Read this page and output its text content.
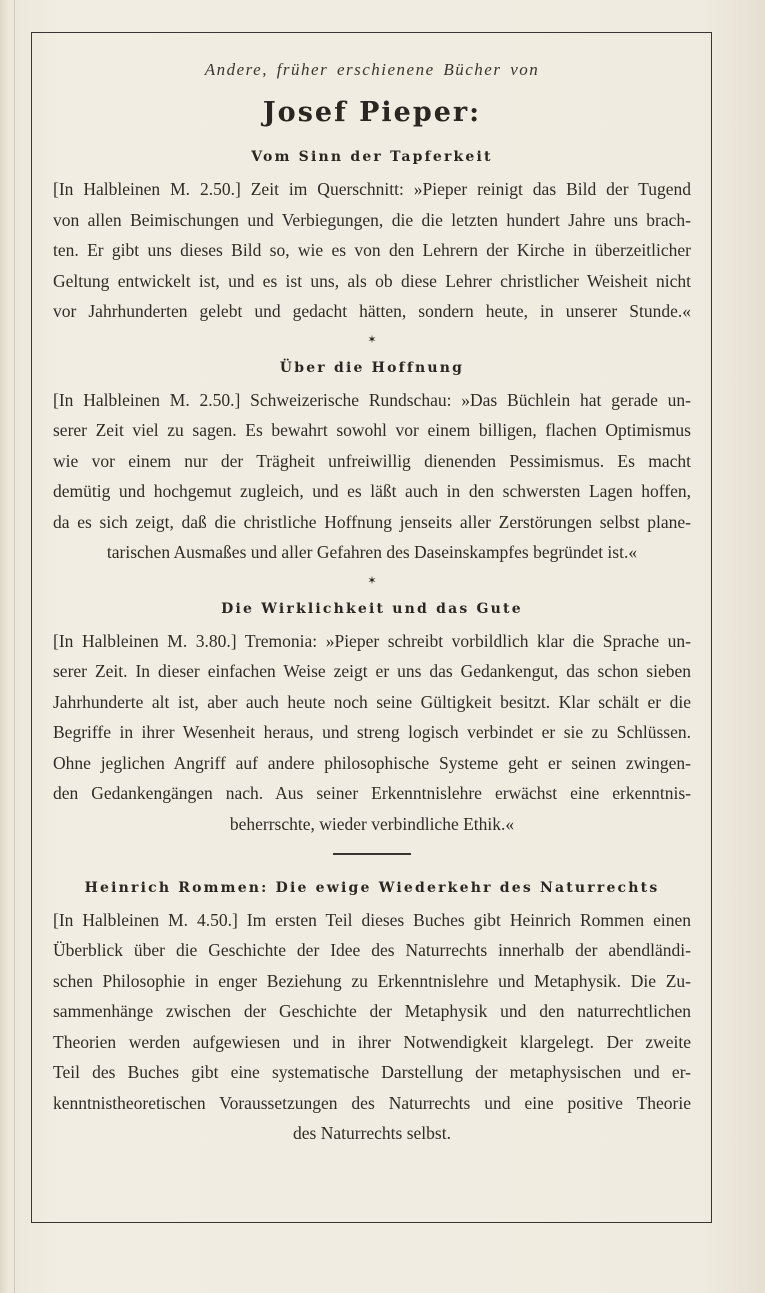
Andere, früher erschienene Bücher von

Josef Pieper:

Vom Sinn der Tapferkeit

[In Halbleinen M. 2.50.] Zeit im Querschnitt: »Pieper reinigt das Bild der Tugend
von allen Beimischungen und Verbiegungen, die die letzten hundert Jahre uns brach-
ten. Er gibt uns dieses Bild so, wie es von den Lehrern der Kirche in überzeitlicher
Geltung entwickelt ist, und es ist uns, als ob diese Lehrer christlicher Weisheit nicht
vor Jahrhunderten gelebt und gedacht hätten, sondern heute, in unserer Stunde.«

✶

Über die Hoffnung

[In Halbleinen M. 2.50.] Schweizerische Rundschau: »Das Büchlein hat gerade un-
serer Zeit viel zu sagen. Es bewahrt sowohl vor einem billigen, flachen Optimismus
wie vor einem nur der Trägheit unfreiwillig dienenden Pessimismus. Es macht
demütig und hochgemut zugleich, und es läßt auch in den schwersten Lagen hoffen,
da es sich zeigt, daß die christliche Hoffnung jenseits aller Zerstörungen selbst plane-
tarischen Ausmaßes und aller Gefahren des Daseinskampfes begründet ist.«

✶

Die Wirklichkeit und das Gute

[In Halbleinen M. 3.80.] Tremonia: »Pieper schreibt vorbildlich klar die Sprache un-
serer Zeit. In dieser einfachen Weise zeigt er uns das Gedankengut, das schon sieben
Jahrhunderte alt ist, aber auch heute noch seine Gültigkeit besitzt. Klar schält er die
Begriffe in ihrer Wesenheit heraus, und streng logisch verbindet er sie zu Schlüssen.
Ohne jeglichen Angriff auf andere philosophische Systeme geht er seinen zwingen-
den Gedankengängen nach. Aus seiner Erkenntnislehre erwächst eine erkenntnis-
beherrschte, wieder verbindliche Ethik.«

Heinrich Rommen: Die ewige Wiederkehr des Naturrechts

[In Halbleinen M. 4.50.] Im ersten Teil dieses Buches gibt Heinrich Rommen einen
Überblick über die Geschichte der Idee des Naturrechts innerhalb der abendländi-
schen Philosophie in enger Beziehung zu Erkenntnislehre und Metaphysik. Die Zu-
sammenhänge zwischen der Geschichte der Metaphysik und den naturrechtlichen
Theorien werden aufgewiesen und in ihrer Notwendigkeit klargelegt. Der zweite
Teil des Buches gibt eine systematische Darstellung der metaphysischen und er-
kenntnistheoretischen Voraussetzungen des Naturrechts und eine positive Theorie
des Naturrechts selbst.
